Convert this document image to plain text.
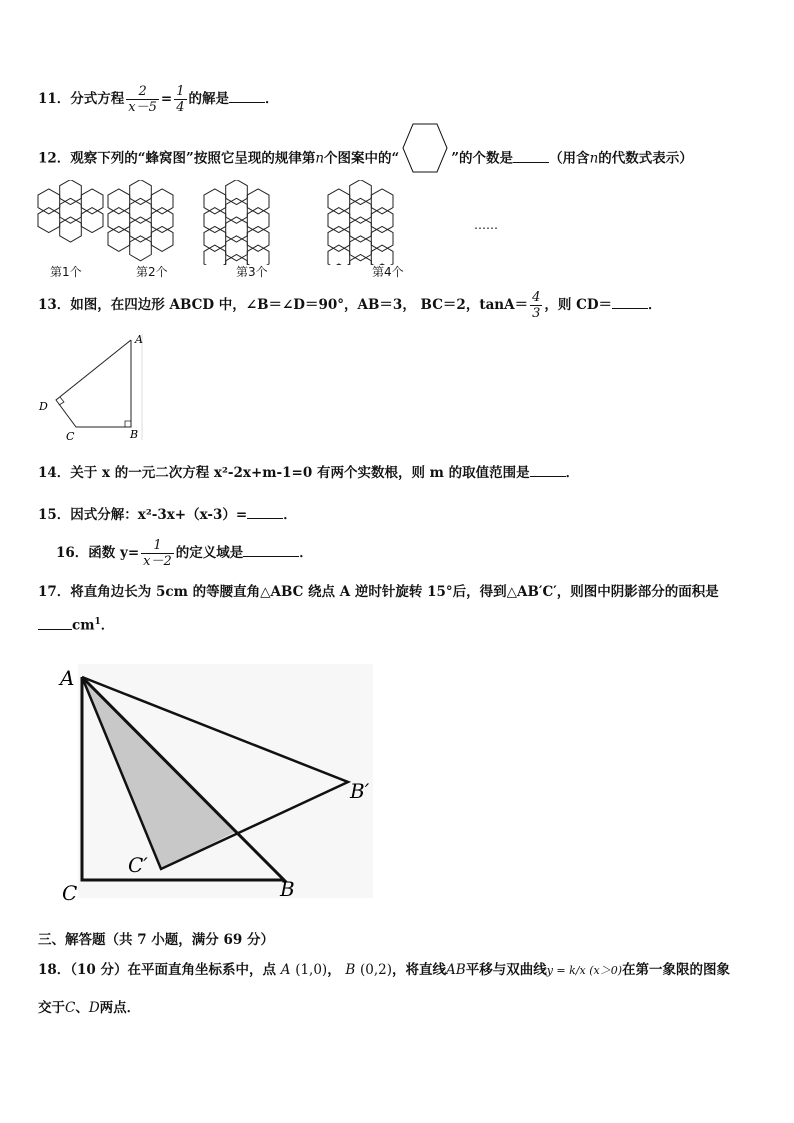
11．分式方程 $\frac{2}{x-5} = \frac{1}{4}$ 的解是	．
12．观察下列的“蜂窝图”按照它呈现的规律第n个图案中的“	”的个数是	（用含n的代数式表示）
第1个	第2个	第3个	第4个
……
13．如图，在四边形 ABCD 中，∠B＝∠D＝90°，AB＝3， BC＝2，$\tan A= \frac{4}{3}$ ，则 CD＝	．
A
B
C
D
14．关于 x 的一元二次方程 x²-2x+m-1=0 有两个实数根，则 m 的取值范围是	．
15．因式分解：x²-3x+（x-3）=	．
16．函数 $y= \frac{1}{x-2}$ 的定义域是	．
17．将直角边长为 5cm 的等腰直角△ABC 绕点 A 逆时针旋转 15°后，得到△AB′C′，则图中阴影部分的面积是
$cm^1$．
A
C	B
B′
C′
三、解答题（共 7 小题，满分 69 分）
18．（10 分）在平面直角坐标系中，点 A (1,0)， B (0,2)，将直线AB平移与双曲线y = k/x (x＞0)在第一象限的图象
交于C、D两点．
